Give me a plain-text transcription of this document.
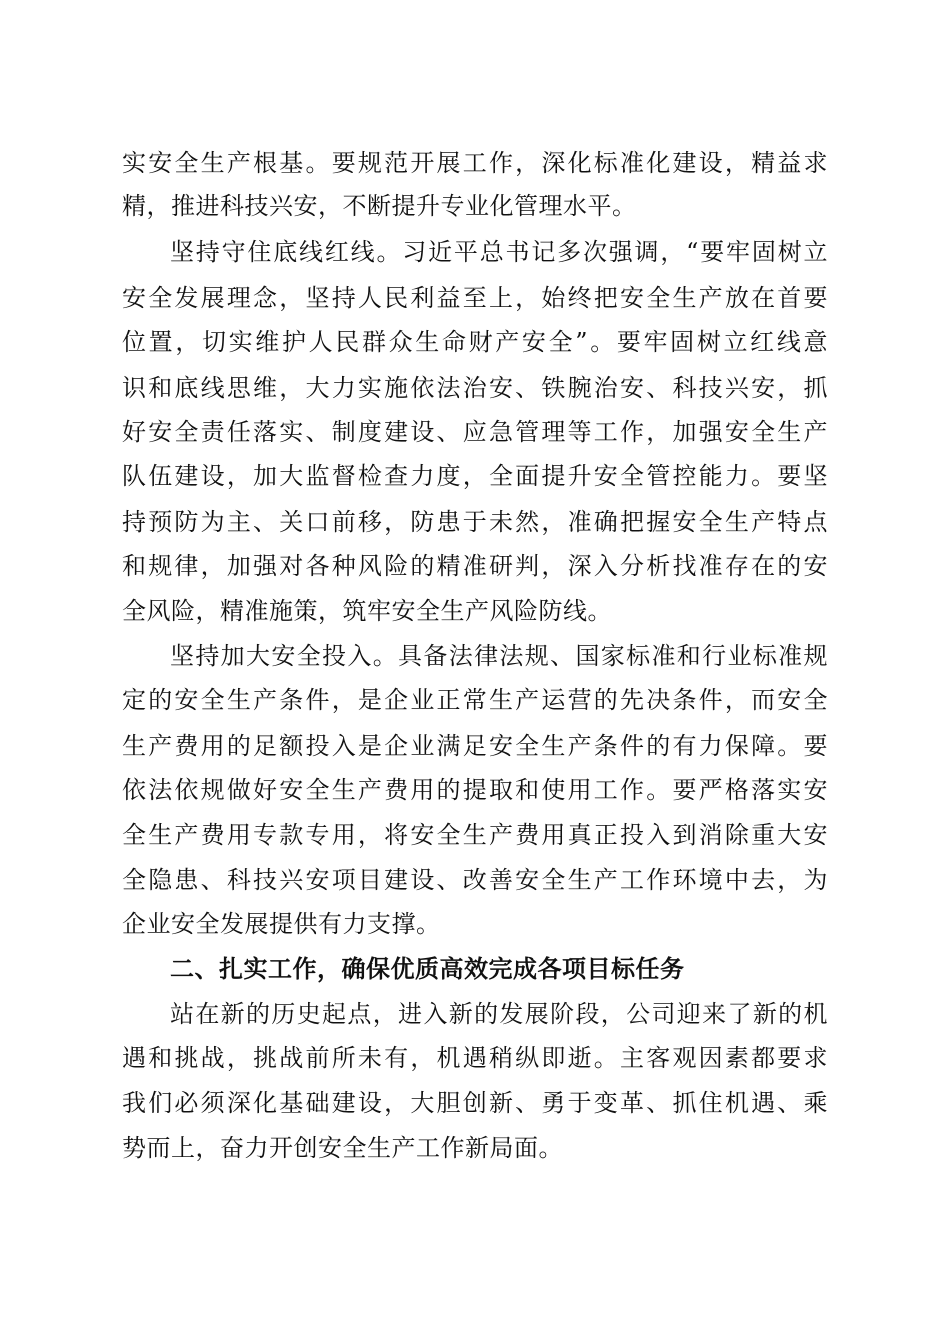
实安全生产根基。要规范开展工作，深化标准化建设，精益求
精，推进科技兴安，不断提升专业化管理水平。
坚持守住底线红线。习近平总书记多次强调，“要牢固树立
安全发展理念，坚持人民利益至上，始终把安全生产放在首要
位置，切实维护人民群众生命财产安全”。要牢固树立红线意
识和底线思维，大力实施依法治安、铁腕治安、科技兴安，抓
好安全责任落实、制度建设、应急管理等工作，加强安全生产
队伍建设，加大监督检查力度，全面提升安全管控能力。要坚
持预防为主、关口前移，防患于未然，准确把握安全生产特点
和规律，加强对各种风险的精准研判，深入分析找准存在的安
全风险，精准施策，筑牢安全生产风险防线。
坚持加大安全投入。具备法律法规、国家标准和行业标准规
定的安全生产条件，是企业正常生产运营的先决条件，而安全
生产费用的足额投入是企业满足安全生产条件的有力保障。要
依法依规做好安全生产费用的提取和使用工作。要严格落实安
全生产费用专款专用，将安全生产费用真正投入到消除重大安
全隐患、科技兴安项目建设、改善安全生产工作环境中去，为
企业安全发展提供有力支撑。
二、扎实工作，确保优质高效完成各项目标任务
站在新的历史起点，进入新的发展阶段，公司迎来了新的机
遇和挑战，挑战前所未有，机遇稍纵即逝。主客观因素都要求
我们必须深化基础建设，大胆创新、勇于变革、抓住机遇、乘
势而上，奋力开创安全生产工作新局面。
